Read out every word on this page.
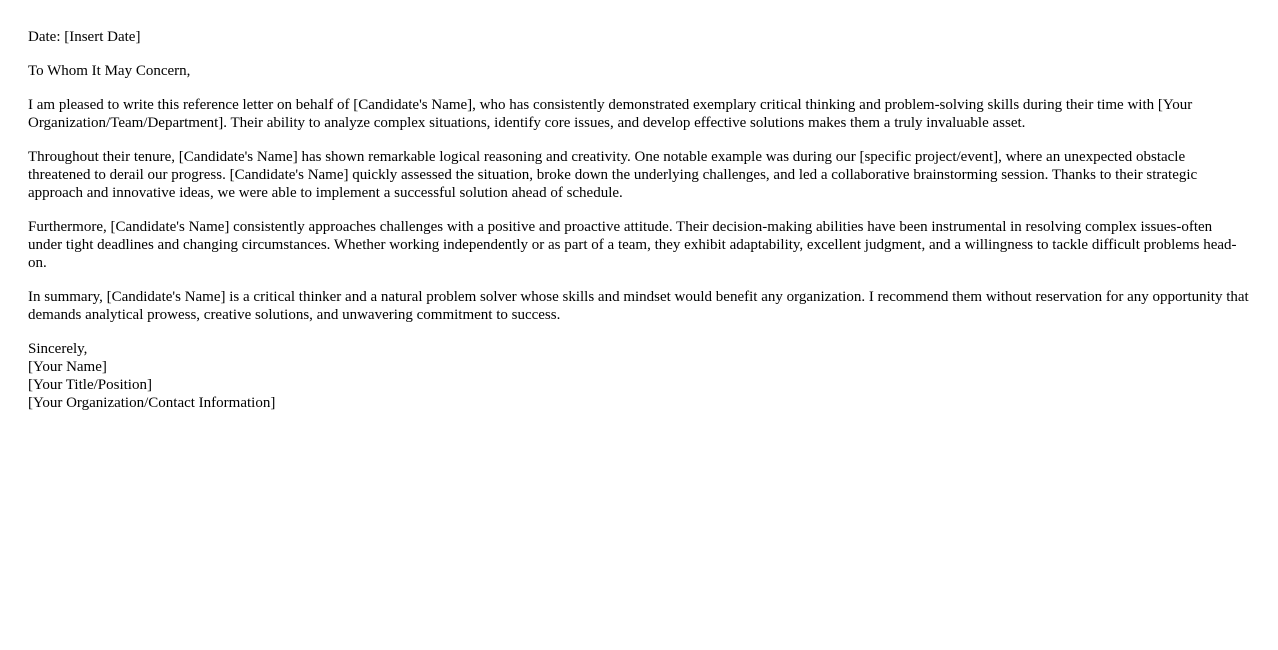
Date: [Insert Date]

To Whom It May Concern,

I am pleased to write this reference letter on behalf of [Candidate's Name], who has consistently demonstrated exemplary critical thinking and problem-solving skills during their time with [Your Organization/Team/Department]. Their ability to analyze complex situations, identify core issues, and develop effective solutions makes them a truly invaluable asset.

Throughout their tenure, [Candidate's Name] has shown remarkable logical reasoning and creativity. One notable example was during our [specific project/event], where an unexpected obstacle threatened to derail our progress. [Candidate's Name] quickly assessed the situation, broke down the underlying challenges, and led a collaborative brainstorming session. Thanks to their strategic approach and innovative ideas, we were able to implement a successful solution ahead of schedule.

Furthermore, [Candidate's Name] consistently approaches challenges with a positive and proactive attitude. Their decision-making abilities have been instrumental in resolving complex issues-often under tight deadlines and changing circumstances. Whether working independently or as part of a team, they exhibit adaptability, excellent judgment, and a willingness to tackle difficult problems head-on.

In summary, [Candidate's Name] is a critical thinker and a natural problem solver whose skills and mindset would benefit any organization. I recommend them without reservation for any opportunity that demands analytical prowess, creative solutions, and unwavering commitment to success.

Sincerely,
[Your Name]
[Your Title/Position]
[Your Organization/Contact Information]
